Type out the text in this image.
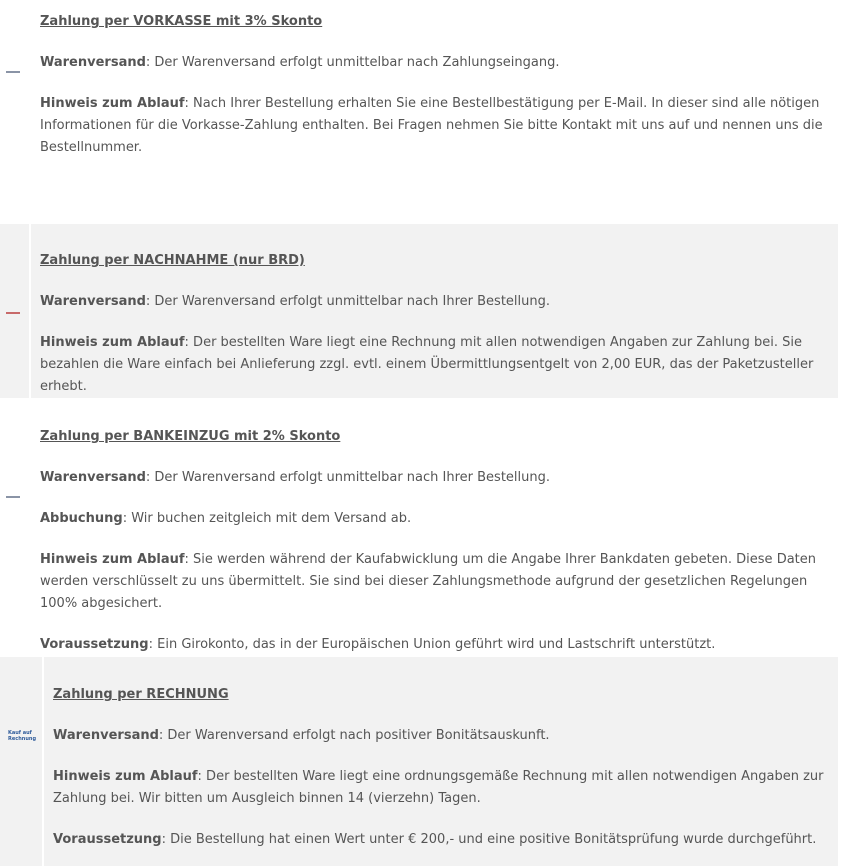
Zahlung per VORKASSE mit 3% Skonto

Warenversand: Der Warenversand erfolgt unmittelbar nach Zahlungseingang.

Hinweis zum Ablauf: Nach Ihrer Bestellung erhalten Sie eine Bestellbestätigung per E-Mail. In dieser sind alle nötigen Informationen für die Vorkasse-Zahlung enthalten. Bei Fragen nehmen Sie bitte Kontakt mit uns auf und nennen uns die Bestellnummer.

Zahlung per NACHNAHME (nur BRD)

Warenversand: Der Warenversand erfolgt unmittelbar nach Ihrer Bestellung.

Hinweis zum Ablauf: Der bestellten Ware liegt eine Rechnung mit allen notwendigen Angaben zur Zahlung bei. Sie bezahlen die Ware einfach bei Anlieferung zzgl. evtl. einem Übermittlungsentgelt von 2,00 EUR, das der Paketzusteller erhebt.

Zahlung per BANKEINZUG mit 2% Skonto

Warenversand: Der Warenversand erfolgt unmittelbar nach Ihrer Bestellung.

Abbuchung: Wir buchen zeitgleich mit dem Versand ab.

Hinweis zum Ablauf: Sie werden während der Kaufabwicklung um die Angabe Ihrer Bankdaten gebeten. Diese Daten werden verschlüsselt zu uns übermittelt. Sie sind bei dieser Zahlungsmethode aufgrund der gesetzlichen Regelungen 100% abgesichert.

Voraussetzung: Ein Girokonto, das in der Europäischen Union geführt wird und Lastschrift unterstützt.

Kauf auf
Rechnung

Zahlung per RECHNUNG

Warenversand: Der Warenversand erfolgt nach positiver Bonitätsauskunft.

Hinweis zum Ablauf: Der bestellten Ware liegt eine ordnungsgemäße Rechnung mit allen notwendigen Angaben zur Zahlung bei. Wir bitten um Ausgleich binnen 14 (vierzehn) Tagen.

Voraussetzung: Die Bestellung hat einen Wert unter € 200,- und eine positive Bonitätsprüfung wurde durchgeführt.
